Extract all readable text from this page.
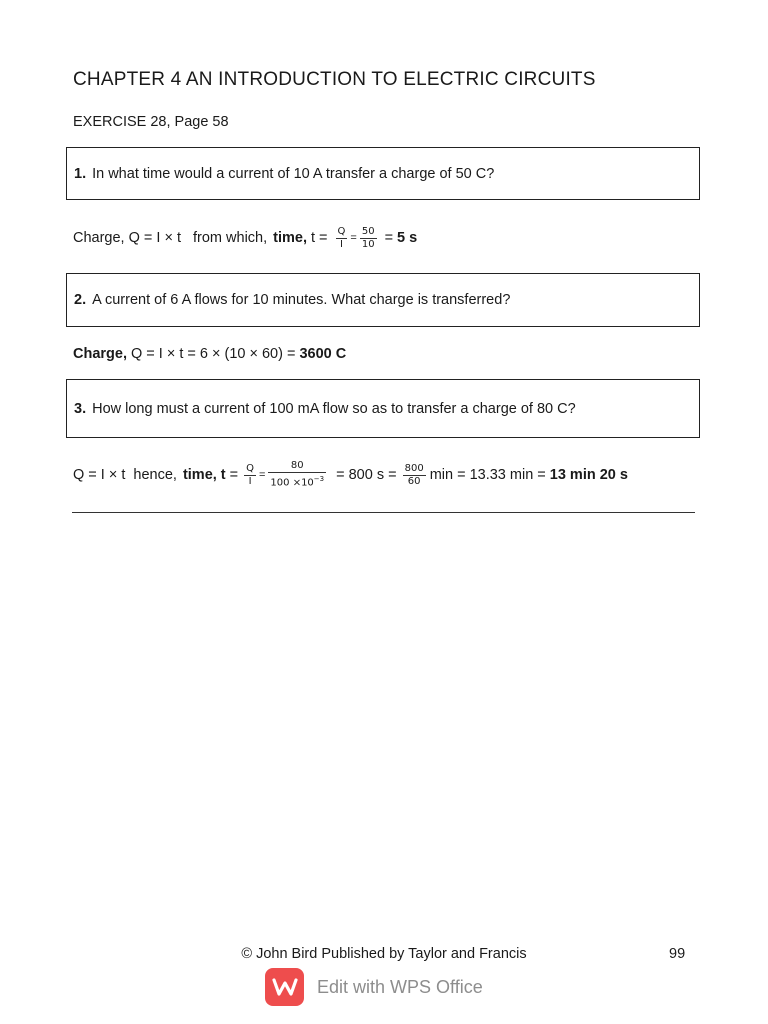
CHAPTER 4 AN INTRODUCTION TO ELECTRIC CIRCUITS
EXERCISE 28, Page 58
1. In what time would a current of 10 A transfer a charge of 50 C?
Charge, Q = I × t from which, time, $t = \frac{Q}{I} = \frac{50}{10} = 5$ s
2. A current of 6 A flows for 10 minutes. What charge is transferred?
Charge, Q = I × t = 6 × (10 × 60) = 3600 C
3. How long must a current of 100 mA flow so as to transfer a charge of 80 C?
Q = I × t hence, time, $t = \frac{Q}{I} = \frac{80}{100 \times 10^{-3}} = 800$ $s = \frac{800}{60}$ min = 13.33 min = 13 min 20 s
© John Bird Published by Taylor and Francis	99
Edit with WPS Office
